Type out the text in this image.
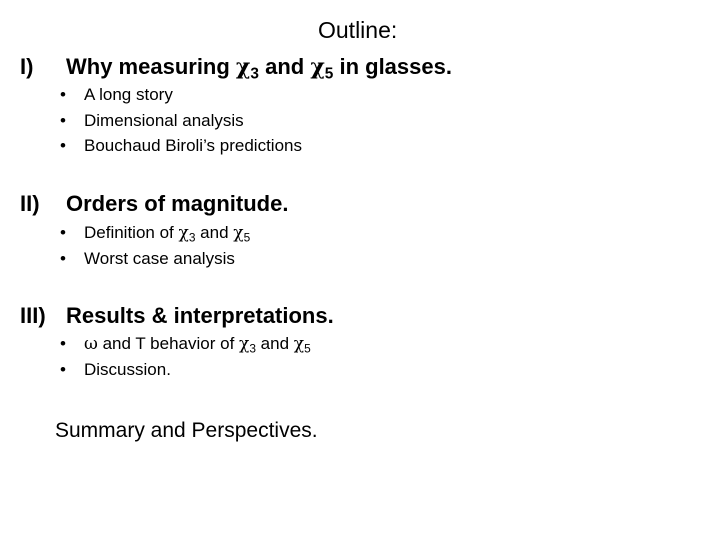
Outline:
I) Why measuring $\chi_3$ and $\chi_5$ in glasses.
• A long story
• Dimensional analysis
• Bouchaud Biroli’s predictions
II) Orders of magnitude.
• Definition of $\chi_3$ and $\chi_5$
• Worst case analysis
III) Results & interpretations.
• ω and T behavior of $\chi_3$ and $\chi_5$
• Discussion.
Summary and Perspectives.
